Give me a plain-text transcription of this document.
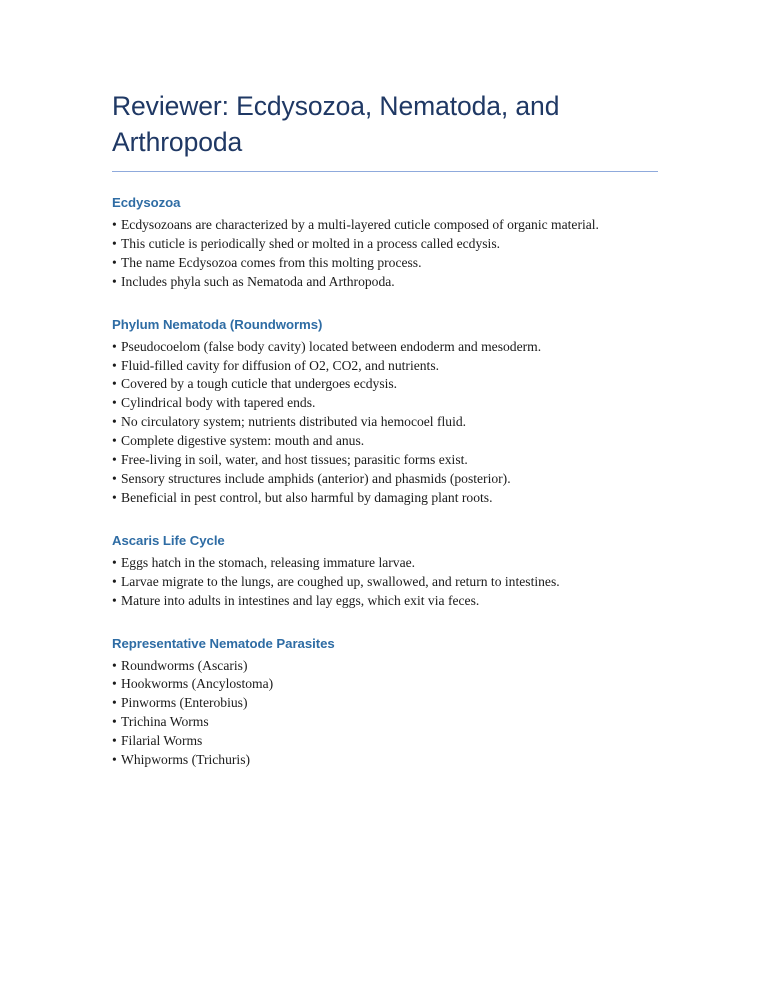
Reviewer: Ecdysozoa, Nematoda, and Arthropoda
Ecdysozoa
• Ecdysozoans are characterized by a multi-layered cuticle composed of organic material.
• This cuticle is periodically shed or molted in a process called ecdysis.
• The name Ecdysozoa comes from this molting process.
• Includes phyla such as Nematoda and Arthropoda.
Phylum Nematoda (Roundworms)
• Pseudocoelom (false body cavity) located between endoderm and mesoderm.
• Fluid-filled cavity for diffusion of O2, CO2, and nutrients.
• Covered by a tough cuticle that undergoes ecdysis.
• Cylindrical body with tapered ends.
• No circulatory system; nutrients distributed via hemocoel fluid.
• Complete digestive system: mouth and anus.
• Free-living in soil, water, and host tissues; parasitic forms exist.
• Sensory structures include amphids (anterior) and phasmids (posterior).
• Beneficial in pest control, but also harmful by damaging plant roots.
Ascaris Life Cycle
• Eggs hatch in the stomach, releasing immature larvae.
• Larvae migrate to the lungs, are coughed up, swallowed, and return to intestines.
• Mature into adults in intestines and lay eggs, which exit via feces.
Representative Nematode Parasites
• Roundworms (Ascaris)
• Hookworms (Ancylostoma)
• Pinworms (Enterobius)
• Trichina Worms
• Filarial Worms
• Whipworms (Trichuris)
